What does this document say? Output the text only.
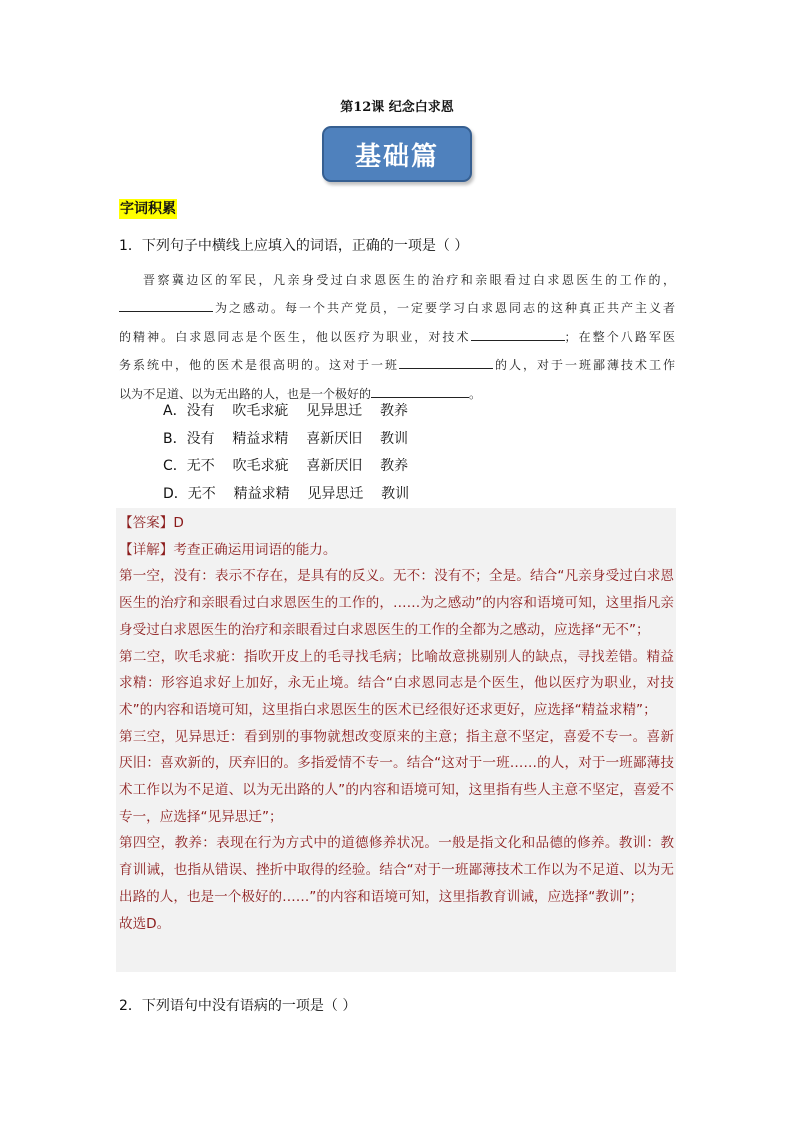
第12课 纪念白求恩
基础篇
字词积累
1．下列句子中横线上应填入的词语，正确的一项是（ ）

晋察冀边区的军民，凡亲身受过白求恩医生的治疗和亲眼看过白求恩医生的工作的，

为之感动。每一个共产党员，一定要学习白求恩同志的这种真正共产主义者

的精神。白求恩同志是个医生，他以医疗为职业，对技术	；在整个八路军医

务系统中，他的医术是很高明的。这对于一班	的人，对于一班鄙薄技术工作

以为不足道、以为无出路的人，也是一个极好的	。

A．没有    吹毛求疵    见异思迁    教养
B．没有    精益求精    喜新厌旧    教训
C．无不    吹毛求疵    喜新厌旧    教养
D．无不    精益求精    见异思迁    教训

【答案】D

【详解】考查正确运用词语的能力。

第一空，没有：表示不存在，是具有的反义。无不：没有不；全是。结合“凡亲身受过白求恩医生的治疗和亲眼看过白求恩医生的工作的，……为之感动”的内容和语境可知，这里指凡亲身受过白求恩医生的治疗和亲眼看过白求恩医生的工作的全都为之感动，应选择“无不”；

第二空，吹毛求疵：指吹开皮上的毛寻找毛病；比喻故意挑剔别人的缺点，寻找差错。精益求精：形容追求好上加好，永无止境。结合“白求恩同志是个医生，他以医疗为职业，对技术”的内容和语境可知，这里指白求恩医生的医术已经很好还求更好，应选择“精益求精”；

第三空，见异思迁：看到别的事物就想改变原来的主意；指主意不坚定，喜爱不专一。喜新厌旧：喜欢新的，厌弃旧的。多指爱情不专一。结合“这对于一班……的人，对于一班鄙薄技术工作以为不足道、以为无出路的人”的内容和语境可知，这里指有些人主意不坚定，喜爱不专一，应选择“见异思迁”；

第四空，教养：表现在行为方式中的道德修养状况。一般是指文化和品德的修养。教训：教育训诫，也指从错误、挫折中取得的经验。结合“对于一班鄙薄技术工作以为不足道、以为无出路的人，也是一个极好的……”的内容和语境可知，这里指教育训诫，应选择“教训”；

故选D。

2．下列语句中没有语病的一项是（ ）
